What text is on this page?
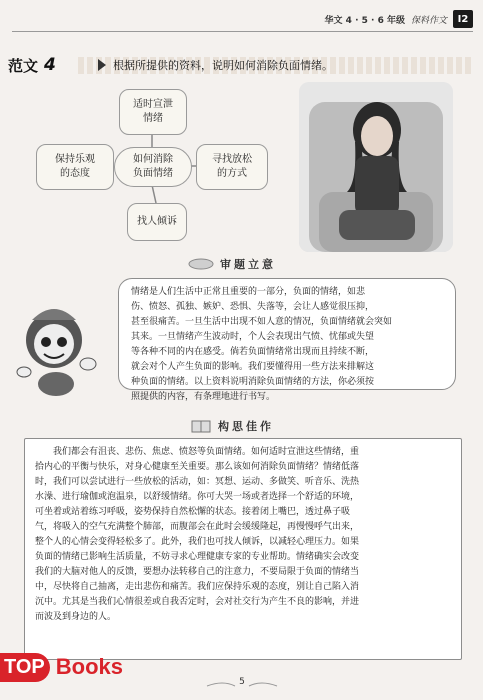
华文 4 · 5 · 6 年级 保料作文	I2
范文 4	根据所提供的资料，说明如何消除负面情绪。
适时宣泄
情绪
如何消除
负面情绪
保持乐观
的态度
寻找放松
的方式
找人倾诉
审题立意
情绪是人们生活中正常且重要的一部分，负面的情绪，如悲
伤、愤怒、孤独、嫉妒、恐惧、失落等，会让人感觉很压抑，
甚至很痛苦。一旦生活中出现不如人意的情况，负面情绪就会突如
其来。一旦情绪产生波动时，个人会表现出气愤、忧郁或失望
等各种不同的内在感受。倘若负面情绪常出现而且持续不断，
就会对个人产生负面的影响。我们要懂得用一些方法来排解这
种负面的情绪。以上资料说明消除负面情绪的方法，你必须按
照提供的内容，有条理地进行书写。
构思佳作
　　我们都会有沮丧、悲伤、焦虑、愤怒等负面情绪。如何适时宣泄这些情绪，重
拾内心的平衡与快乐，对身心健康至关重要。那么该如何消除负面情绪？情绪低落
时，我们可以尝试进行一些放松的活动，如：冥想、运动、多做笑、听音乐、洗热
水澡、进行瑜伽或泡温泉，以舒缓情绪。你可大哭一场或者选择一个舒适的环境，
可坐着或站着练习呼吸，姿势保持自然松懈的状态。接着闭上嘴巴，透过鼻子吸
气，将吸入的空气充满整个肺部，而腹部会在此时会缓缓隆起，再慢慢呼气出来，
整个人的心情会变得轻松多了。此外，我们也可找人倾诉，以减轻心理压力。如果
负面的情绪已影响生活质量，不妨寻求心理健康专家的专业帮助。情绪确实会改变
我们的大脑对他人的反馈，要想办法转移自己的注意力，不要局限于负面的情绪当
中，尽快将自己抽离，走出悲伤和痛苦。我们应保持乐观的态度，别让自己陷入消
沉中。尤其是当我们心情很差或自我否定时，会对社交行为产生不良的影响，并进
而波及到身边的人。
5
TOP Books
